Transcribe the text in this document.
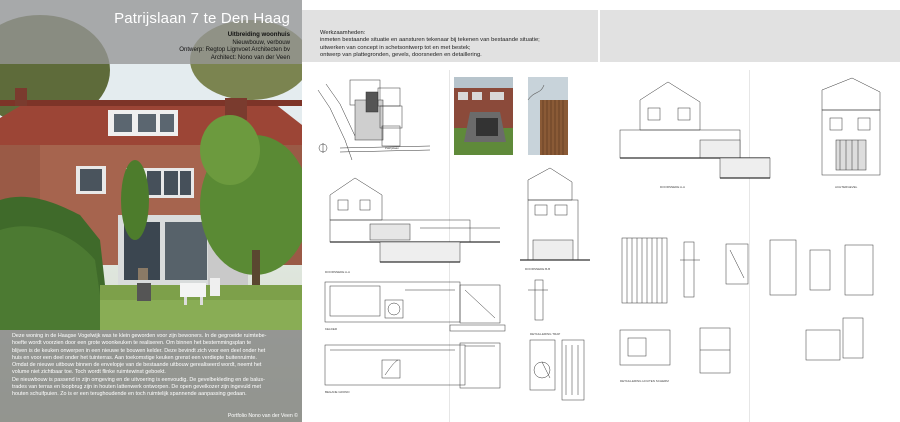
Patrijslaan 7 te Den Haag
Uitbreiding woonhuis
Nieuwbouw, verbouw
Ontwerp: Regtop Lignvoet Architecten bv
Architect: Nono van der Veen
Deze woning in de Haagse Vogelwijk was te klein geworden voor zijn bewoners. In de gegroeide ruimtebe-
hoefte wordt voorzien door een grote woonkeuken te realiseren. Om binnen het bestemmingsplan te
blijven is de keuken onwerpen in een nieuwe te bouwen kelder. Deze bevindt zich voor een deel onder het
huis en voor een deel onder het tuinterras. Aan toekomstige keuken grenst een verdiepte buitenruimte.
Omdat de nieuwe uitbouw binnen de envelopje van de bestaande uitbouw gerealiseerd wordt, neemt het
volume niet zichtbaar toe. Toch wordt flinke ruimtewinst geboekt.
De nieuwbouw is passend in zijn omgeving en de uitvoering is eenvoudig. De gevelbekleding en de balus-
trades van terras en loopbrug zijn in houten lattenwerk ontworpen. De open gevelkozer zijn ingevuld met
houten schuifpuien. Zo is er een terughoudende en toch ruimtelijk spannende aanpassing gedaan.
Portfolio Nono van der Veen ©
Werkzaamheden:
inmeten bestaande situatie en aansturen tekenaar bij tekenen van bestaande situatie;
uitwerken van concept in schetsontwerp tot en met bestek;
ontwerp van plattegronden, gevels, doorsneden en detaillering.
Patrijslaan
DOORSNEDE A-A
KELDER
BEGANE GROND
DOORSNEDE B-B
DETAILLERING TRAP
DOORSNEDE A-A	ACHTERGEVEL
DETAILLERING HOUTEN SCHERM
